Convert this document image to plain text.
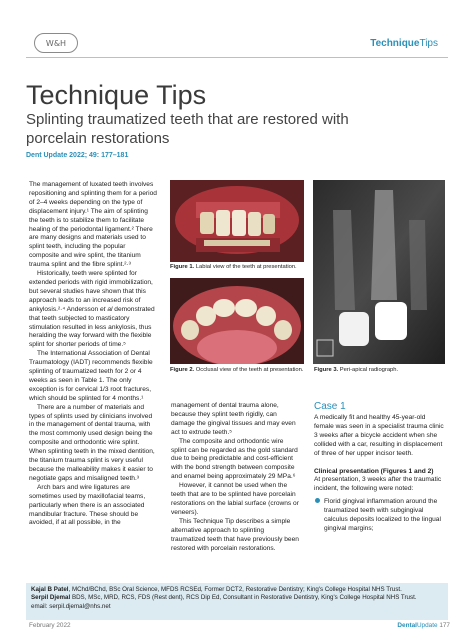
W&H	TechniqueTips
Technique Tips
Splinting traumatized teeth that are restored with porcelain restorations
Dent Update 2022; 49: 177–181

The management of luxated teeth involves repositioning and splinting them for a period of 2–4 weeks depending on the type of displacement injury.¹ The aim of splinting the teeth is to stabilize them to facilitate healing of the periodontal ligament.² There are many designs and materials used to splint teeth, including the popular composite and wire splint, the titanium trauma splint and the fibre splint.²·³

Historically, teeth were splinted for extended periods with rigid immobilization, but several studies have shown that this approach leads to an increased risk of ankylosis.²·⁴ Andersson et al demonstrated that teeth subjected to masticatory stimulation resulted in less ankylosis, thus heralding the way forward with the flexible splint for shorter periods of time.⁵

The International Association of Dental Traumatology (IADT) recommends flexible splinting of traumatized teeth for 2 or 4 weeks as seen in Table 1. The only exception is for cervical 1/3 root fractures, which should be splinted for 4 months.¹

There are a number of materials and types of splints used by clinicians involved in the management of dental trauma, with the most commonly used design being the composite and orthodontic wire splint. When splinting teeth in the mixed dentition, the titanium trauma splint is very useful because the malleability makes it easier to negotiate gaps and misaligned teeth.³

Arch bars and wire ligatures are sometimes used by maxillofacial teams, particularly when there is an associated mandibular fracture. These should be avoided, if at all possible, in the

Figure 1. Labial view of the teeth at presentation.
Figure 2. Occlusal view of the teeth at presentation.	Figure 3. Peri-apical radiograph.

management of dental trauma alone, because they splint teeth rigidly, can damage the gingival tissues and may even act to extrude teeth.⁵

The composite and orthodontic wire splint can be regarded as the gold standard due to being predictable and cost-efficient with the bond strength between composite and enamel being approximately 29 MPa.⁶

However, it cannot be used when the teeth that are to be splinted have porcelain restorations on the labial surface (crowns or veneers).

This Technique Tip describes a simple alternative approach to splinting traumatized teeth that have previously been restored with porcelain restorations.

Case 1

A medically fit and healthy 45-year-old female was seen in a specialist trauma clinic 3 weeks after a bicycle accident when she collided with a car, resulting in displacement of three of her upper incisor teeth.

Clinical presentation (Figures 1 and 2)

At presentation, 3 weeks after the traumatic incident, the following were noted:

Florid gingival inflammation around the traumatized teeth with subgingival calculus deposits localized to the lingual gingival margins;

Kajal B Patel, MChd/BChd, BSc Oral Science, MFDS RCSEd, Former DCT2, Restorative Dentistry; King's College Hospital NHS Trust.
Serpil Djemal BDS, MSc, MRD, RCS, FDS (Rest dent), RCS Dip Ed, Consultant in Restorative Dentistry, King's College Hospital NHS Trust.
email: serpil.djemal@nhs.net
February 2022	DentalUpdate 177
